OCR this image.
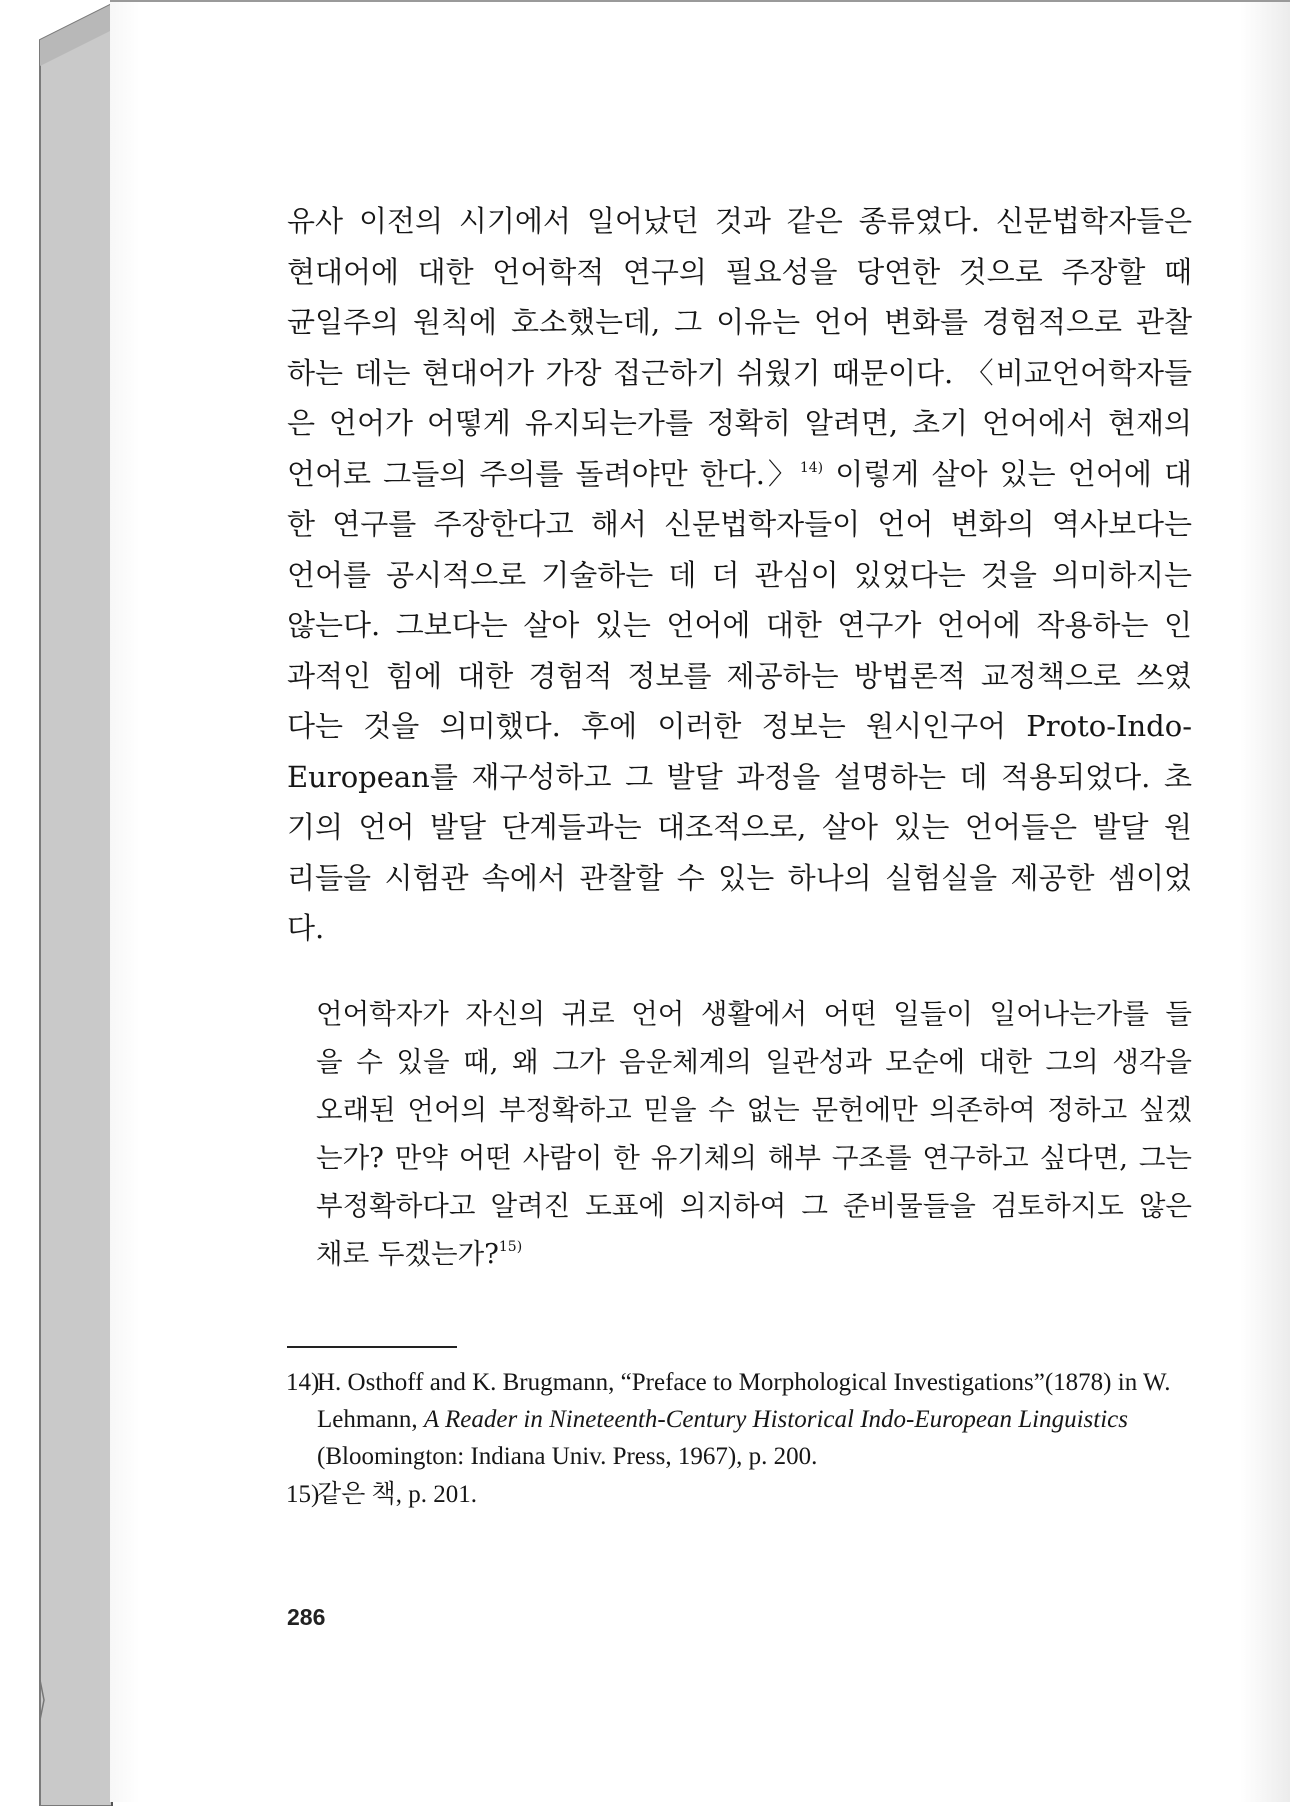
유사 이전의 시기에서 일어났던 것과 같은 종류였다. 신문법학자들은
현대어에 대한 언어학적 연구의 필요성을 당연한 것으로 주장할 때
균일주의 원칙에 호소했는데, 그 이유는 언어 변화를 경험적으로 관찰
하는 데는 현대어가 가장 접근하기 쉬웠기 때문이다. 〈비교언어학자들
은 언어가 어떻게 유지되는가를 정확히 알려면, 초기 언어에서 현재의
언어로 그들의 주의를 돌려야만 한다.〉$^{14)}$ 이렇게 살아 있는 언어에 대
한 연구를 주장한다고 해서 신문법학자들이 언어 변화의 역사보다는
언어를 공시적으로 기술하는 데 더 관심이 있었다는 것을 의미하지는
않는다. 그보다는 살아 있는 언어에 대한 연구가 언어에 작용하는 인
과적인 힘에 대한 경험적 정보를 제공하는 방법론적 교정책으로 쓰였
다는 것을 의미했다. 후에 이러한 정보는 원시인구어 Proto-Indo-
European를 재구성하고 그 발달 과정을 설명하는 데 적용되었다. 초
기의 언어 발달 단계들과는 대조적으로, 살아 있는 언어들은 발달 원
리들을 시험관 속에서 관찰할 수 있는 하나의 실험실을 제공한 셈이었
다.
언어학자가 자신의 귀로 언어 생활에서 어떤 일들이 일어나는가를 들
을 수 있을 때, 왜 그가 음운체계의 일관성과 모순에 대한 그의 생각을
오래된 언어의 부정확하고 믿을 수 없는 문헌에만 의존하여 정하고 싶겠
는가? 만약 어떤 사람이 한 유기체의 해부 구조를 연구하고 싶다면, 그는
부정확하다고 알려진 도표에 의지하여 그 준비물들을 검토하지도 않은
채로 두겠는가?$^{15)}$

14)
H. Osthoff and K. Brugmann, “Preface to Morphological Investigations”(1878) in W. Lehmann, A Reader in Nineteenth-Century Historical Indo-European Linguistics (Bloomington: Indiana Univ. Press, 1967), p. 200.

15)
같은 책, p. 201.

286
